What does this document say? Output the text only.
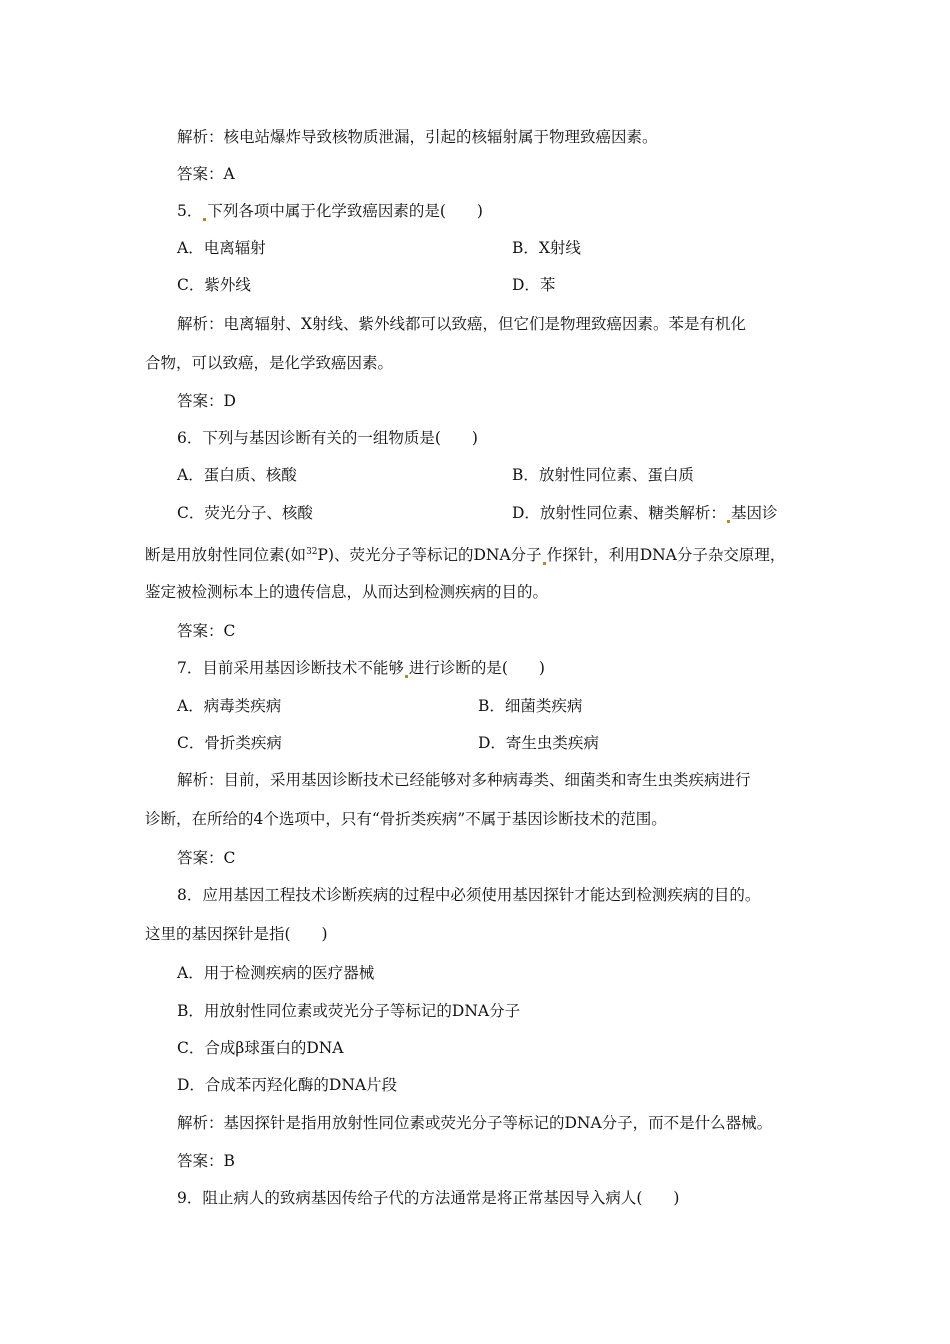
解析：核电站爆炸导致核物质泄漏，引起的核辐射属于物理致癌因素。
答案：A
5． 下列各项中属于化学致癌因素的是(　　)
A．电离辐射	B．X射线
C．紫外线	D．苯
解析：电离辐射、X射线、紫外线都可以致癌，但它们是物理致癌因素。苯是有机化
合物，可以致癌，是化学致癌因素。
答案：D
6．下列与基因诊断有关的一组物质是(　　)
A．蛋白质、核酸	B．放射性同位素、蛋白质
C．荧光分子、核酸	D．放射性同位素、糖类解析： 基因诊
断是用放射性同位素(如$^{32}$P)、荧光分子等标记的DNA分子 作探针，利用DNA分子杂交原理，
鉴定被检测标本上的遗传信息，从而达到检测疾病的目的。
答案：C
7．目前采用基因诊断技术不能够 进行诊断的是(　　)
A．病毒类疾病	B．细菌类疾病
C．骨折类疾病	D．寄生虫类疾病
解析：目前，采用基因诊断技术已经能够对多种病毒类、细菌类和寄生虫类疾病进行
诊断，在所给的4个选项中，只有“骨折类疾病”不属于基因诊断技术的范围。
答案：C
8．应用基因工程技术诊断疾病的过程中必须使用基因探针才能达到检测疾病的目的。
这里的基因探针是指(　　)
A．用于检测疾病的医疗器械
B．用放射性同位素或荧光分子等标记的DNA分子
C．合成β球蛋白的DNA
D．合成苯丙羟化酶的DNA片段
解析：基因探针是指用放射性同位素或荧光分子等标记的DNA分子，而不是什么器械。
答案：B
9．阻止病人的致病基因传给子代的方法通常是将正常基因导入病人(　　)
